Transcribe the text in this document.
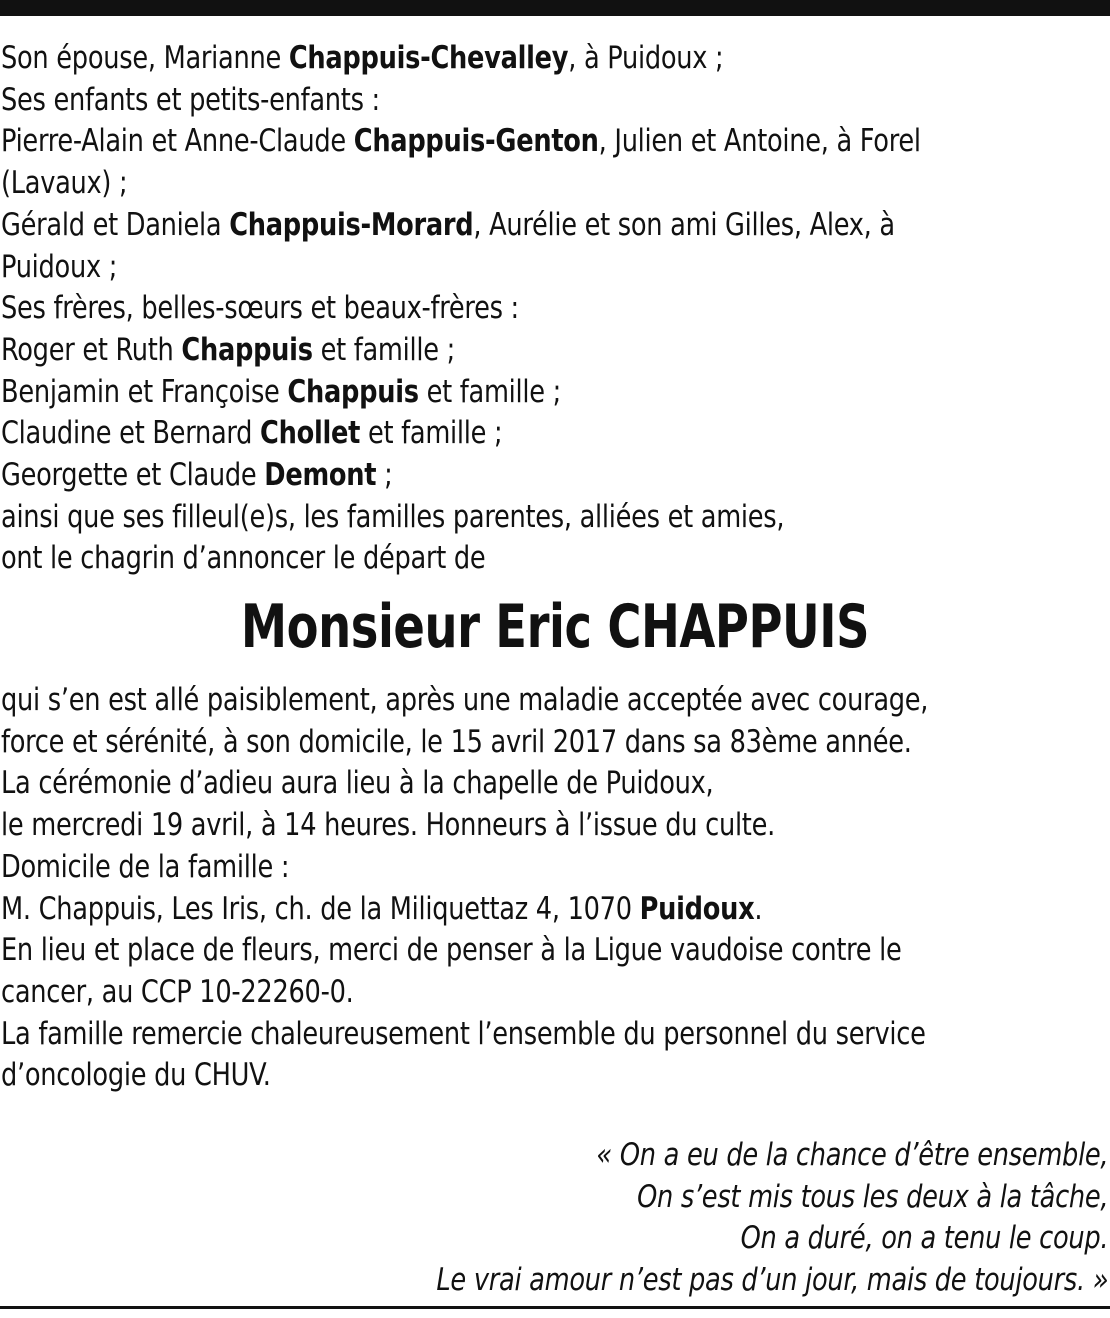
Son épouse, Marianne Chappuis-Chevalley, à Puidoux ;
Ses enfants et petits-enfants :
Pierre-Alain et Anne-Claude Chappuis-Genton, Julien et Antoine, à Forel
(Lavaux) ;
Gérald et Daniela Chappuis-Morard, Aurélie et son ami Gilles, Alex, à
Puidoux ;
Ses frères, belles-sœurs et beaux-frères :
Roger et Ruth Chappuis et famille ;
Benjamin et Françoise Chappuis et famille ;
Claudine et Bernard Chollet et famille ;
Georgette et Claude Demont ;
ainsi que ses filleul(e)s, les familles parentes, alliées et amies,
ont le chagrin d’annoncer le départ de
Monsieur Eric CHAPPUIS
qui s’en est allé paisiblement, après une maladie acceptée avec courage,
force et sérénité, à son domicile, le 15 avril 2017 dans sa 83ème année.
La cérémonie d’adieu aura lieu à la chapelle de Puidoux,
le mercredi 19 avril, à 14 heures. Honneurs à l’issue du culte.
Domicile de la famille :
M. Chappuis, Les Iris, ch. de la Miliquettaz 4, 1070 Puidoux.
En lieu et place de fleurs, merci de penser à la Ligue vaudoise contre le
cancer, au CCP 10-22260-0.
La famille remercie chaleureusement l’ensemble du personnel du service
d’oncologie du CHUV.
« On a eu de la chance d’être ensemble,
On s’est mis tous les deux à la tâche,
On a duré, on a tenu le coup.
Le vrai amour n’est pas d’un jour, mais de toujours. »
